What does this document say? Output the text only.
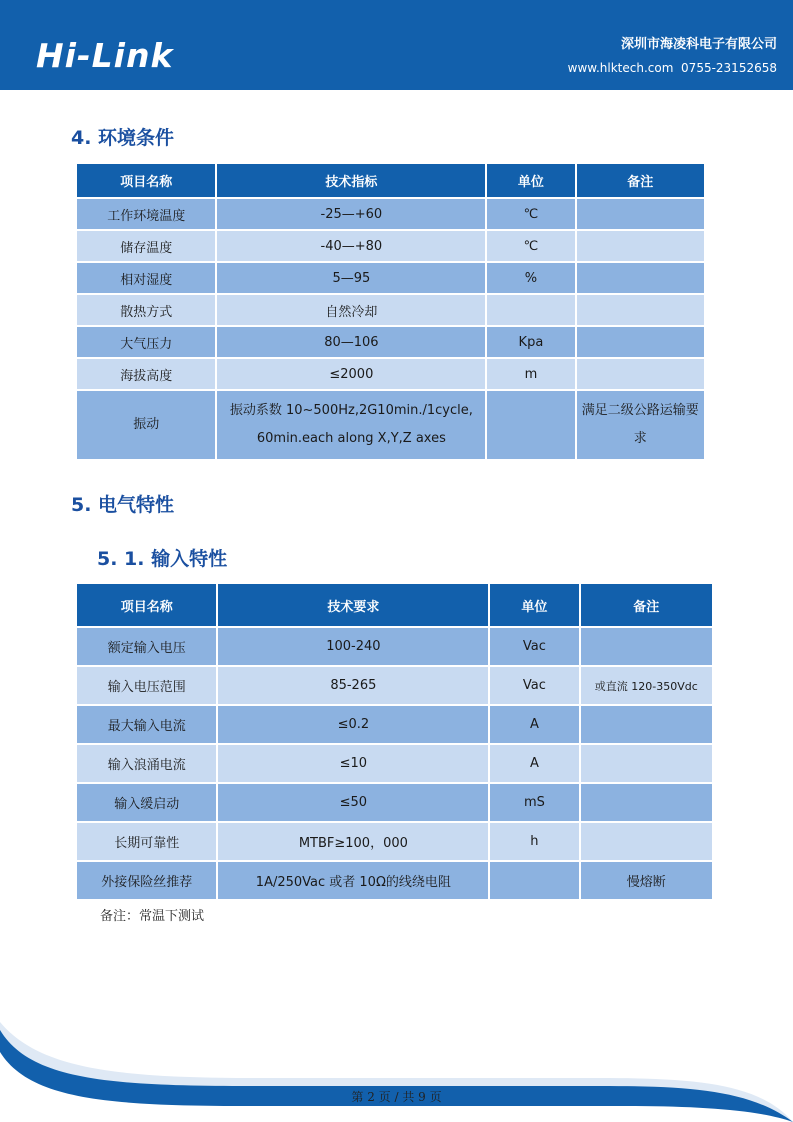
Hi-Link	深圳市海凌科电子有限公司
www.hlktech.com 0755-23152658
4. 环境条件
项目名称	技术指标	单位	备注
工作环境温度	-25—+60	℃	
储存温度	-40—+80	℃	
相对湿度	5—95	%	
散热方式	自然冷却		
大气压力	80—106	Kpa	
海拔高度	≤2000	m	
振动	振动系数 10~500Hz,2G10min./1cycle, 60min.each along X,Y,Z axes		满足二级公路运输要求
5. 电气特性
5. 1. 输入特性
项目名称	技术要求	单位	备注
额定输入电压	100-240	Vac	
输入电压范围	85-265	Vac	或直流 120-350Vdc
最大输入电流	≤0.2	A	
输入浪涌电流	≤10	A	
输入缓启动	≤50	mS	
长期可靠性	MTBF≥100，000	h	
外接保险丝推荐	1A/250Vac 或者 10Ω的线绕电阻		慢熔断
备注：常温下测试
第 2 页 / 共 9 页
